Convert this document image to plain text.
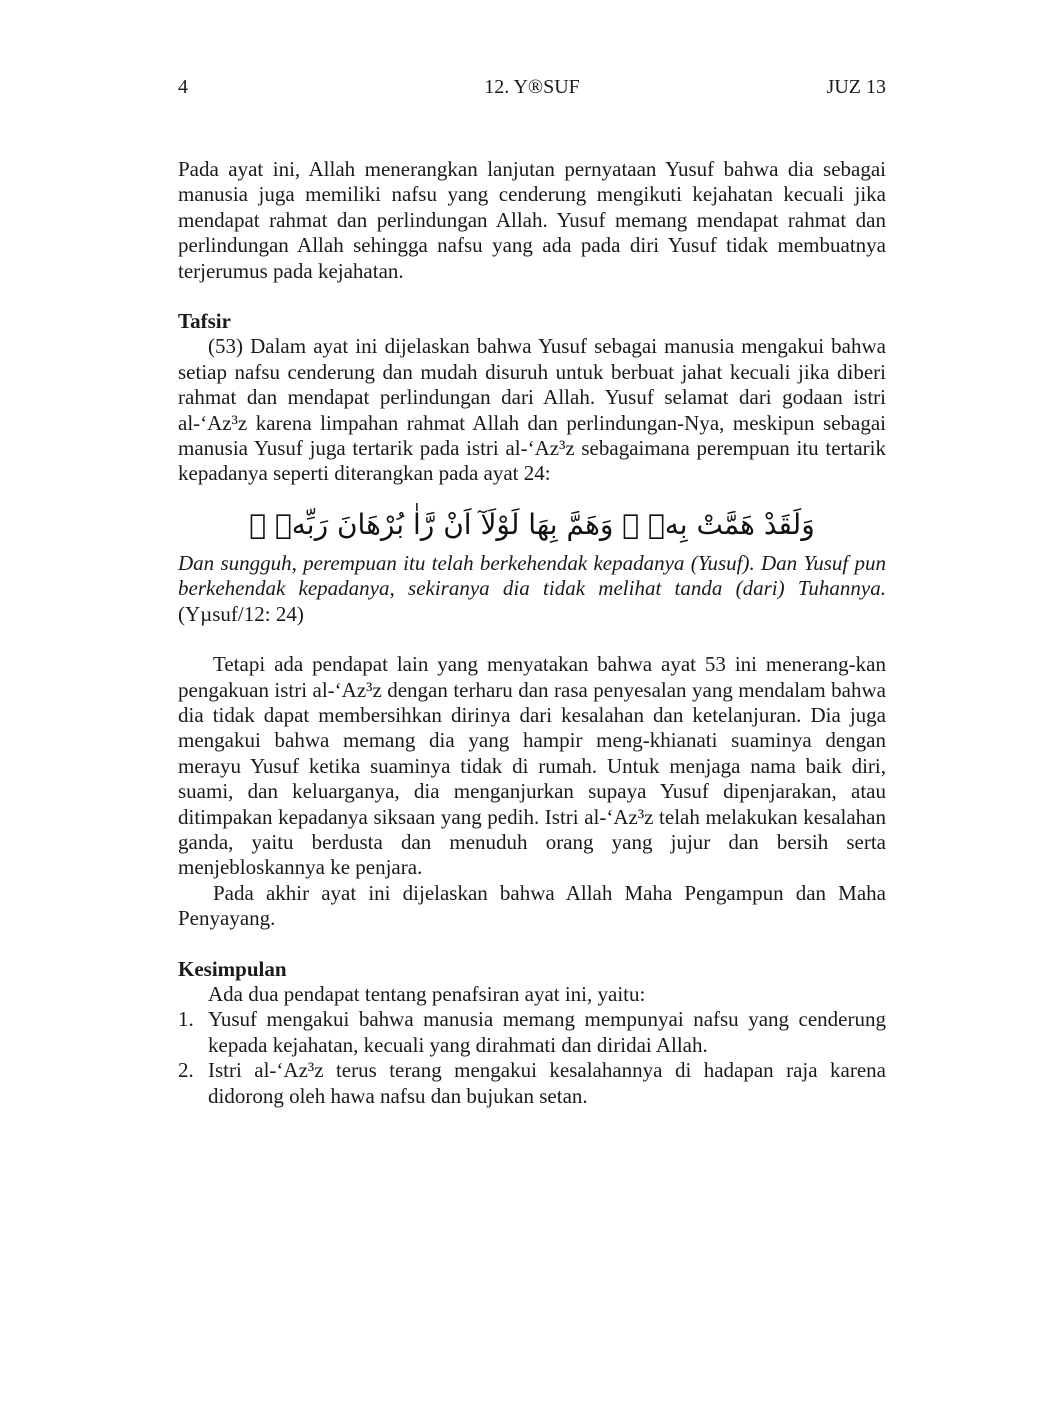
4	12. Y®SUF	JUZ 13

Pada ayat ini, Allah menerangkan lanjutan pernyataan Yusuf bahwa dia sebagai manusia juga memiliki nafsu yang cenderung mengikuti kejahatan kecuali jika mendapat rahmat dan perlindungan Allah. Yusuf memang mendapat rahmat dan perlindungan Allah sehingga nafsu yang ada pada diri Yusuf tidak membuatnya terjerumus pada kejahatan.

Tafsir

(53) Dalam ayat ini dijelaskan bahwa Yusuf sebagai manusia mengakui bahwa setiap nafsu cenderung dan mudah disuruh untuk berbuat jahat kecuali jika diberi rahmat dan mendapat perlindungan dari Allah. Yusuf selamat dari godaan istri al-‘Az³z karena limpahan rahmat Allah dan perlindungan-Nya, meskipun sebagai manusia Yusuf juga tertarik pada istri al-‘Az³z sebagaimana perempuan itu tertarik kepadanya seperti diterangkan pada ayat 24:

وَلَقَدْ هَمَّتْ بِهٖ ۚ وَهَمَّ بِهَا لَوْلَآ اَنْ رَّاٰ بُرْهَانَ رَبِّهٖ ۗ

Dan sungguh, perempuan itu telah berkehendak kepadanya (Yusuf). Dan Yusuf pun berkehendak kepadanya, sekiranya dia tidak melihat tanda (dari) Tuhannya. (Yµsuf/12: 24)

Tetapi ada pendapat lain yang menyatakan bahwa ayat 53 ini menerang-kan pengakuan istri al-‘Az³z dengan terharu dan rasa penyesalan yang mendalam bahwa dia tidak dapat membersihkan dirinya dari kesalahan dan ketelanjuran. Dia juga mengakui bahwa memang dia yang hampir meng-khianati suaminya dengan merayu Yusuf ketika suaminya tidak di rumah. Untuk menjaga nama baik diri, suami, dan keluarganya, dia menganjurkan supaya Yusuf dipenjarakan, atau ditimpakan kepadanya siksaan yang pedih. Istri al-‘Az³z telah melakukan kesalahan ganda, yaitu berdusta dan menuduh orang yang jujur dan bersih serta menjebloskannya ke penjara.

Pada akhir ayat ini dijelaskan bahwa Allah Maha Pengampun dan Maha Penyayang.

Kesimpulan

Ada dua pendapat tentang penafsiran ayat ini, yaitu:

1. Yusuf mengakui bahwa manusia memang mempunyai nafsu yang cenderung kepada kejahatan, kecuali yang dirahmati dan diridai Allah.
2. Istri al-‘Az³z terus terang mengakui kesalahannya di hadapan raja karena didorong oleh hawa nafsu dan bujukan setan.
